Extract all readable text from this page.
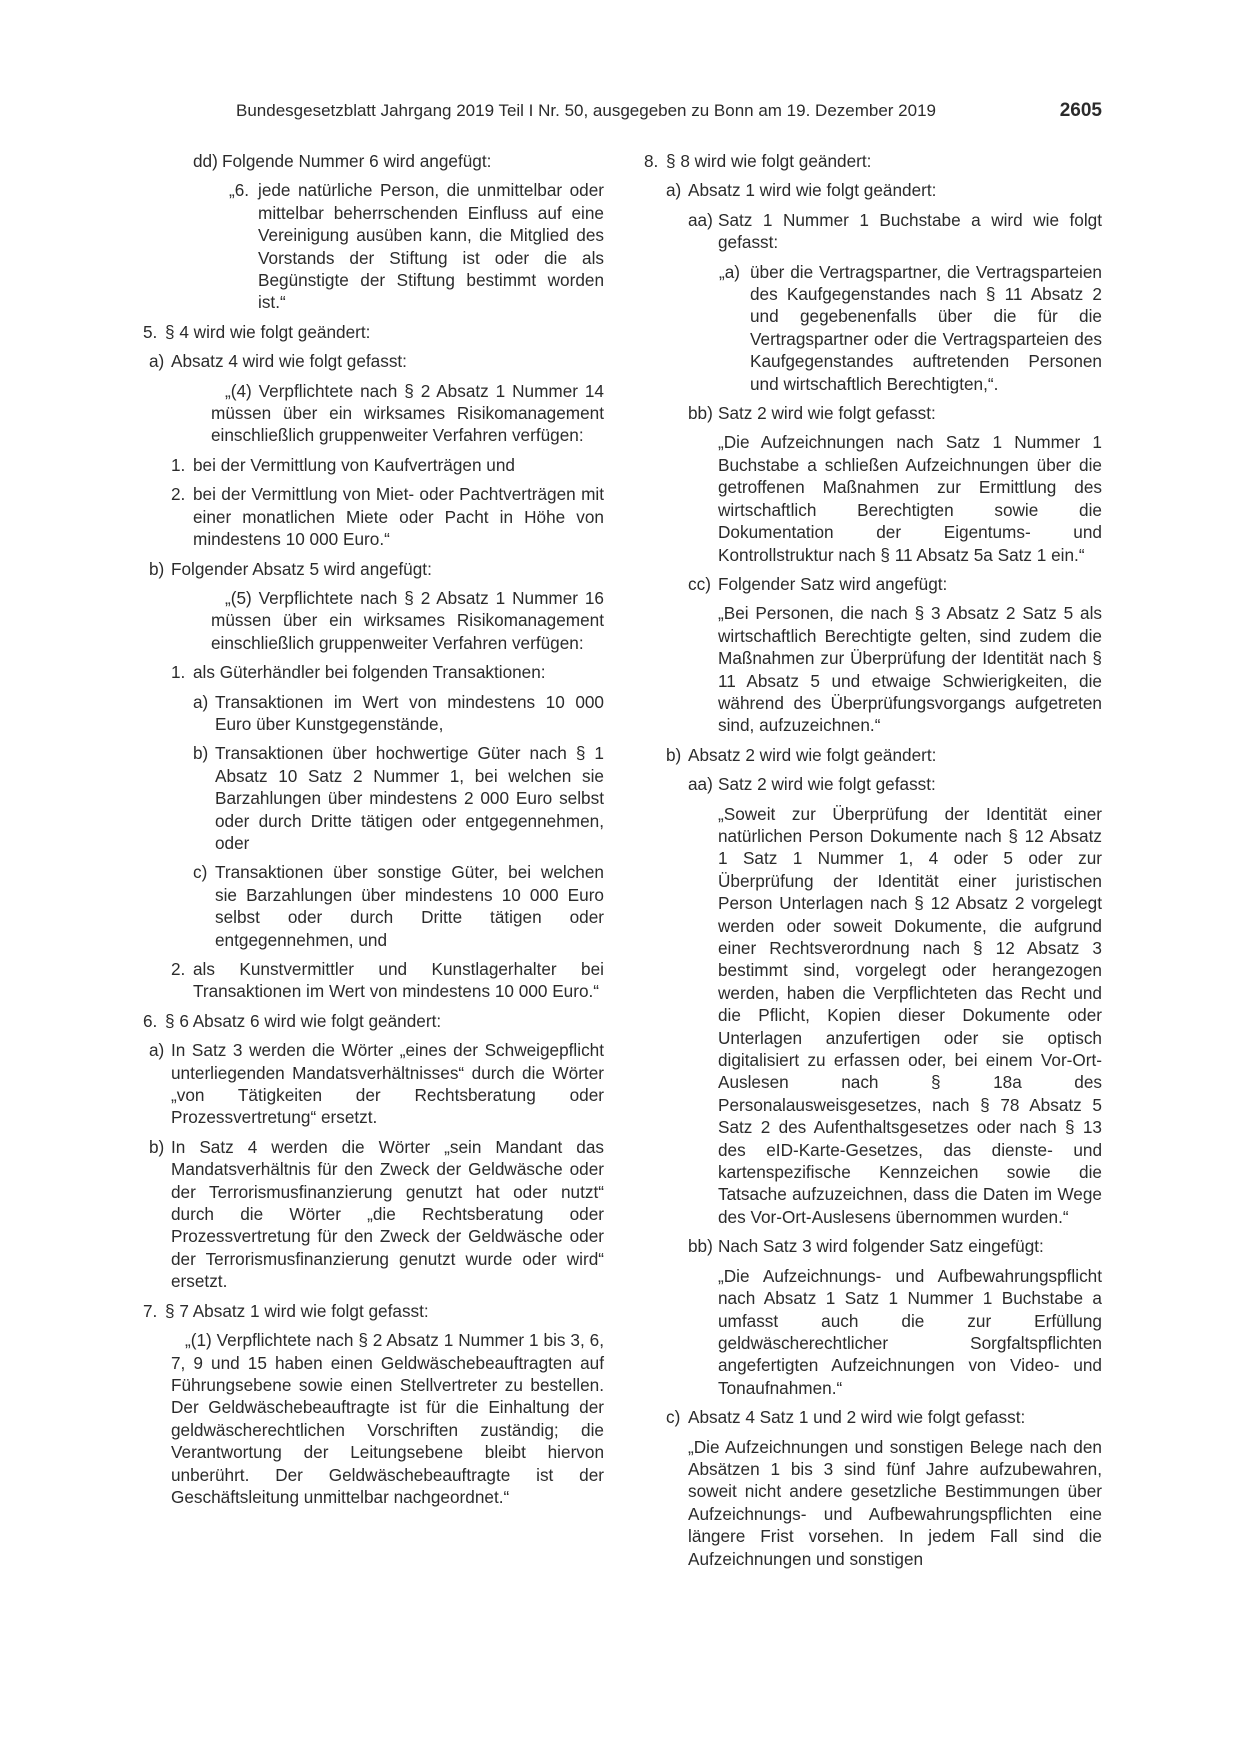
Bundesgesetzblatt Jahrgang 2019 Teil I Nr. 50, ausgegeben zu Bonn am 19. Dezember 2019	2605
dd) Folgende Nummer 6 wird angefügt:
„6. jede natürliche Person, die unmittelbar oder mittelbar beherrschenden Einfluss auf eine Vereinigung ausüben kann, die Mitglied des Vorstands der Stiftung ist oder die als Begünstigte der Stiftung bestimmt worden ist.“
5. § 4 wird wie folgt geändert:
a) Absatz 4 wird wie folgt gefasst:
„(4) Verpflichtete nach § 2 Absatz 1 Nummer 14 müssen über ein wirksames Risikomanagement einschließlich gruppenweiter Verfahren verfügen:
1. bei der Vermittlung von Kaufverträgen und
2. bei der Vermittlung von Miet- oder Pachtverträgen mit einer monatlichen Miete oder Pacht in Höhe von mindestens 10 000 Euro.“
b) Folgender Absatz 5 wird angefügt:
„(5) Verpflichtete nach § 2 Absatz 1 Nummer 16 müssen über ein wirksames Risikomanagement einschließlich gruppenweiter Verfahren verfügen:
1. als Güterhändler bei folgenden Transaktionen:
a) Transaktionen im Wert von mindestens 10 000 Euro über Kunstgegenstände,
b) Transaktionen über hochwertige Güter nach § 1 Absatz 10 Satz 2 Nummer 1, bei welchen sie Barzahlungen über mindestens 2 000 Euro selbst oder durch Dritte tätigen oder entgegennehmen, oder
c) Transaktionen über sonstige Güter, bei welchen sie Barzahlungen über mindestens 10 000 Euro selbst oder durch Dritte tätigen oder entgegennehmen, und
2. als Kunstvermittler und Kunstlagerhalter bei Transaktionen im Wert von mindestens 10 000 Euro.“
6. § 6 Absatz 6 wird wie folgt geändert:
a) In Satz 3 werden die Wörter „eines der Schweigepflicht unterliegenden Mandatsverhältnisses“ durch die Wörter „von Tätigkeiten der Rechtsberatung oder Prozessvertretung“ ersetzt.
b) In Satz 4 werden die Wörter „sein Mandant das Mandatsverhältnis für den Zweck der Geldwäsche oder der Terrorismusfinanzierung genutzt hat oder nutzt“ durch die Wörter „die Rechtsberatung oder Prozessvertretung für den Zweck der Geldwäsche oder der Terrorismusfinanzierung genutzt wurde oder wird“ ersetzt.
7. § 7 Absatz 1 wird wie folgt gefasst:
„(1) Verpflichtete nach § 2 Absatz 1 Nummer 1 bis 3, 6, 7, 9 und 15 haben einen Geldwäschebeauftragten auf Führungsebene sowie einen Stellvertreter zu bestellen. Der Geldwäschebeauftragte ist für die Einhaltung der geldwäscherechtlichen Vorschriften zuständig; die Verantwortung der Leitungsebene bleibt hiervon unberührt. Der Geldwäschebeauftragte ist der Geschäftsleitung unmittelbar nachgeordnet.“
8. § 8 wird wie folgt geändert:
a) Absatz 1 wird wie folgt geändert:
aa) Satz 1 Nummer 1 Buchstabe a wird wie folgt gefasst:
„a) über die Vertragspartner, die Vertragsparteien des Kaufgegenstandes nach § 11 Absatz 2 und gegebenenfalls über die für die Vertragspartner oder die Vertragsparteien des Kaufgegenstandes auftretenden Personen und wirtschaftlich Berechtigten,“.
bb) Satz 2 wird wie folgt gefasst:
„Die Aufzeichnungen nach Satz 1 Nummer 1 Buchstabe a schließen Aufzeichnungen über die getroffenen Maßnahmen zur Ermittlung des wirtschaftlich Berechtigten sowie die Dokumentation der Eigentums- und Kontrollstruktur nach § 11 Absatz 5a Satz 1 ein.“
cc) Folgender Satz wird angefügt:
„Bei Personen, die nach § 3 Absatz 2 Satz 5 als wirtschaftlich Berechtigte gelten, sind zudem die Maßnahmen zur Überprüfung der Identität nach § 11 Absatz 5 und etwaige Schwierigkeiten, die während des Überprüfungsvorgangs aufgetreten sind, aufzuzeichnen.“
b) Absatz 2 wird wie folgt geändert:
aa) Satz 2 wird wie folgt gefasst:
„Soweit zur Überprüfung der Identität einer natürlichen Person Dokumente nach § 12 Absatz 1 Satz 1 Nummer 1, 4 oder 5 oder zur Überprüfung der Identität einer juristischen Person Unterlagen nach § 12 Absatz 2 vorgelegt werden oder soweit Dokumente, die aufgrund einer Rechtsverordnung nach § 12 Absatz 3 bestimmt sind, vorgelegt oder herangezogen werden, haben die Verpflichteten das Recht und die Pflicht, Kopien dieser Dokumente oder Unterlagen anzufertigen oder sie optisch digitalisiert zu erfassen oder, bei einem Vor-Ort-Auslesen nach § 18a des Personalausweisgesetzes, nach § 78 Absatz 5 Satz 2 des Aufenthaltsgesetzes oder nach § 13 des eID-Karte-Gesetzes, das dienste- und kartenspezifische Kennzeichen sowie die Tatsache aufzuzeichnen, dass die Daten im Wege des Vor-Ort-Auslesens übernommen wurden.“
bb) Nach Satz 3 wird folgender Satz eingefügt:
„Die Aufzeichnungs- und Aufbewahrungspflicht nach Absatz 1 Satz 1 Nummer 1 Buchstabe a umfasst auch die zur Erfüllung geldwäscherechtlicher Sorgfaltspflichten angefertigten Aufzeichnungen von Video- und Tonaufnahmen.“
c) Absatz 4 Satz 1 und 2 wird wie folgt gefasst:
„Die Aufzeichnungen und sonstigen Belege nach den Absätzen 1 bis 3 sind fünf Jahre aufzubewahren, soweit nicht andere gesetzliche Bestimmungen über Aufzeichnungs- und Aufbewahrungspflichten eine längere Frist vorsehen. In jedem Fall sind die Aufzeichnungen und sonstigen
